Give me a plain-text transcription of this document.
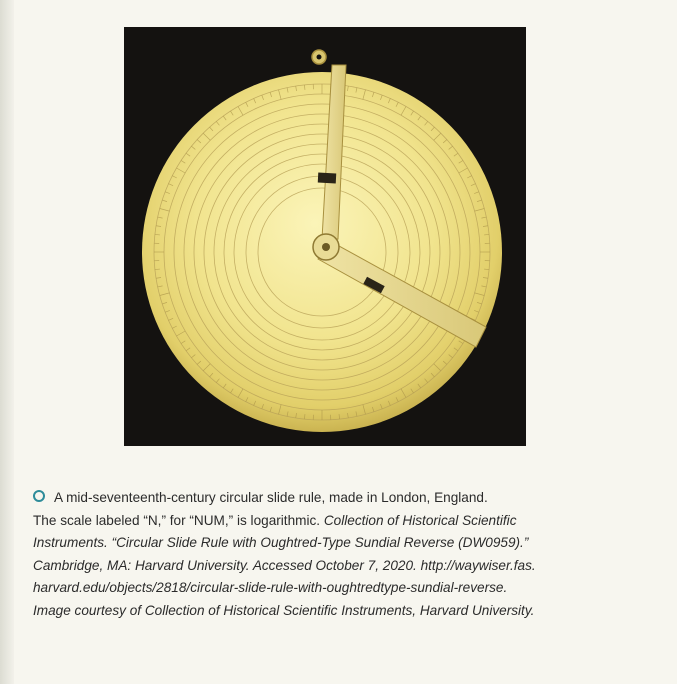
A mid-seventeenth-century circular slide rule, made in London, England.
The scale labeled “N,” for “NUM,” is logarithmic. Collection of Historical Scientific
Instruments. “Circular Slide Rule with Oughtred-Type Sundial Reverse (DW0959).”
Cambridge, MA: Harvard University. Accessed October 7, 2020. http://waywiser.fas.
harvard.edu/objects/2818/circular-slide-rule-with-oughtredtype-sundial-reverse.
Image courtesy of Collection of Historical Scientific Instruments, Harvard University.
